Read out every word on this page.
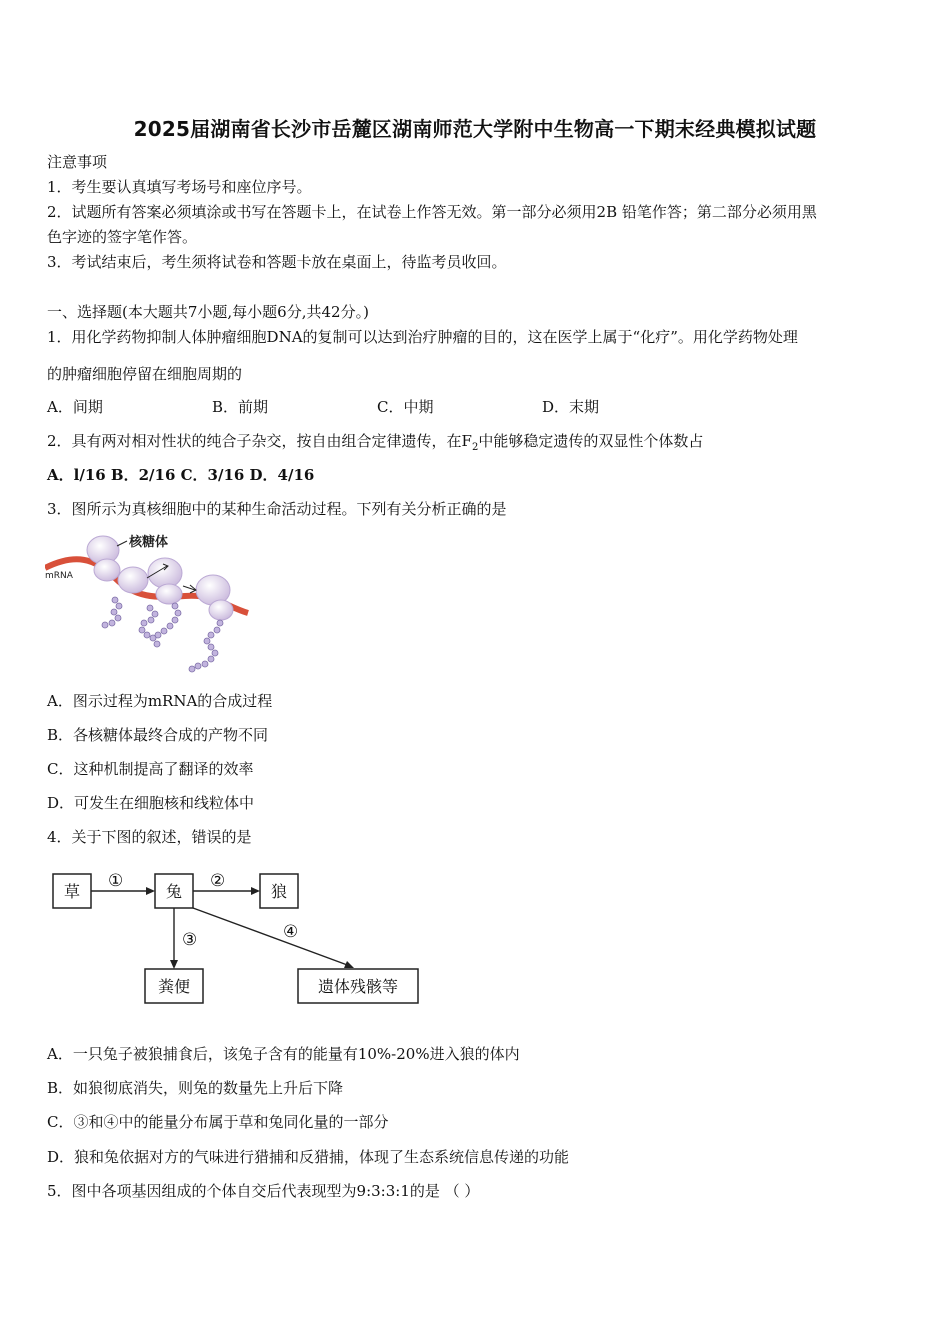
2025届湖南省长沙市岳麓区湖南师范大学附中生物高一下期末经典模拟试题
注意事项
1．考生要认真填写考场号和座位序号。
2．试题所有答案必须填涂或书写在答题卡上，在试卷上作答无效。第一部分必须用2B 铅笔作答；第二部分必须用黑
色字迹的签字笔作答。
3．考试结束后，考生须将试卷和答题卡放在桌面上，待监考员收回。
一、选择题(本大题共7小题,每小题6分,共42分。)
1．用化学药物抑制人体肿瘤细胞DNA的复制可以达到治疗肿瘤的目的，这在医学上属于“化疗”。用化学药物处理
的肿瘤细胞停留在细胞周期的
A．间期	B．前期	C．中期	D．末期
2．具有两对相对性状的纯合子杂交，按自由组合定律遗传，在$F_2$中能够稳定遗传的双显性个体数占
A．l/16 B．2/16 C．3/16 D．4/16
3．图所示为真核细胞中的某种生命活动过程。下列有关分析正确的是
核糖体
mRNA
A．图示过程为mRNA的合成过程
B．各核糖体最终合成的产物不同
C．这种机制提高了翻译的效率
D．可发生在细胞核和线粒体中
4．关于下图的叙述，错误的是
草	兔	狼
粪便	遗体残骸等
①	②
③	④
A．一只兔子被狼捕食后，该兔子含有的能量有10%-20%进入狼的体内
B．如狼彻底消失，则兔的数量先上升后下降
C．③和④中的能量分布属于草和兔同化量的一部分
D．狼和兔依据对方的气味进行猎捕和反猎捕，体现了生态系统信息传递的功能
5．图中各项基因组成的个体自交后代表现型为9:3:3:1的是 （ ）
